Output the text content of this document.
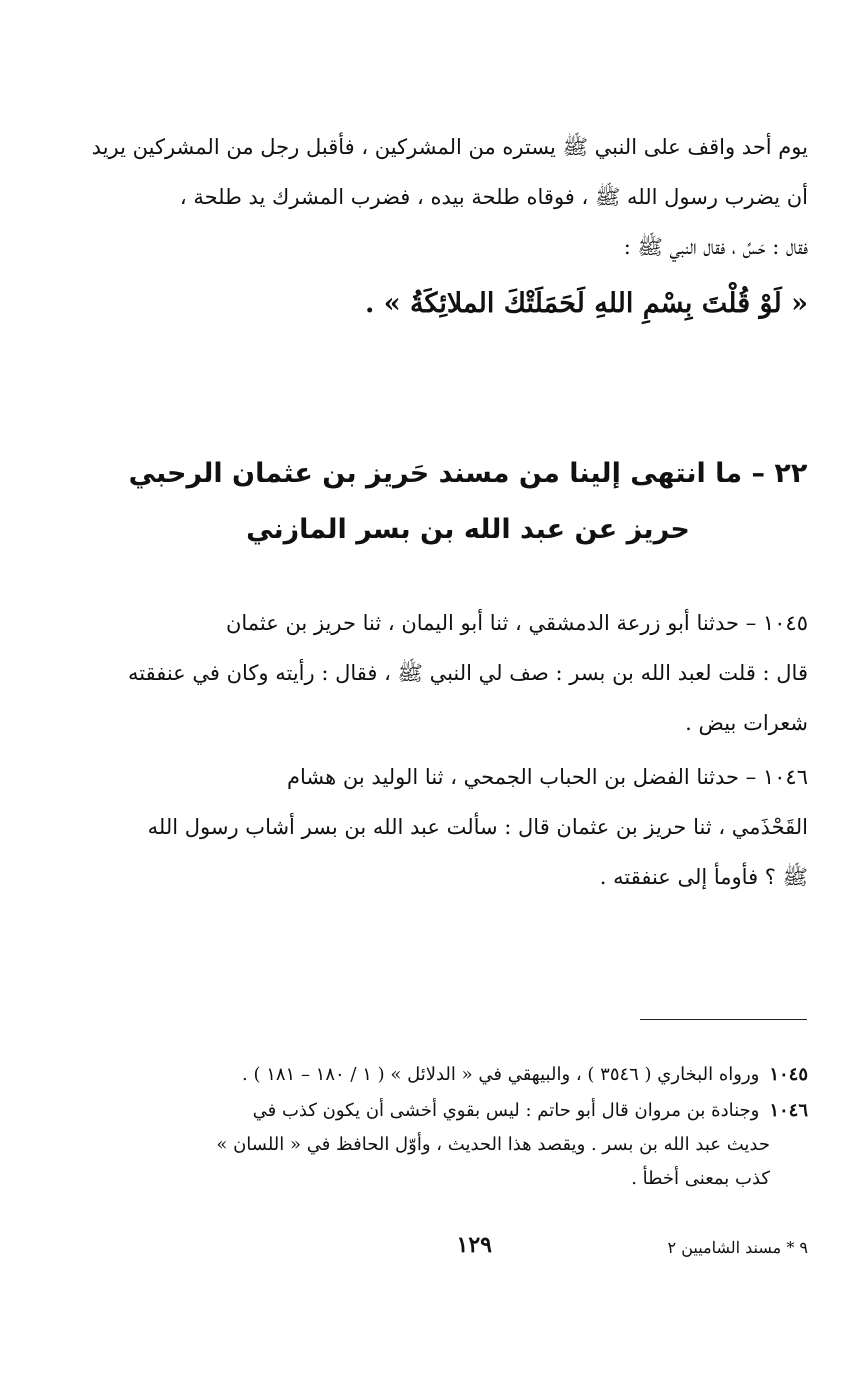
يوم أحد واقف على النبي ﷺ يستره من المشركين ، فأقبل رجل من المشركين يريد
أن يضرب رسول الله ﷺ ، فوقاه طلحة بيده ، فضرب المشرك يد طلحة ،
فقال : حَسِّ ، فقال النبي ﷺ :
« لَوْ قُلْتَ بِسْمِ اللهِ لَحَمَلَتْكَ الملائِكَةُ » .
٢٢ – ما انتهى إلينا من مسند حَريز بن عثمان الرحبي
حريز عن عبد الله بن بسر المازني
١٠٤٥ – حدثنا أبو زرعة الدمشقي ، ثنا أبو اليمان ، ثنا حريز بن عثمان
قال : قلت لعبد الله بن بسر : صف لي النبي ﷺ ، فقال : رأيته وكان في عنفقته
شعرات بيض .
١٠٤٦ – حدثنا الفضل بن الحباب الجمحي ، ثنا الوليد بن هشام
القَحْذَمي ، ثنا حريز بن عثمان قال : سألت عبد الله بن بسر أشاب رسول الله
ﷺ ؟ فأومأ إلى عنفقته .
١٠٤٥ورواه البخاري ( ٣٥٤٦ ) ، والبيهقي في « الدلائل » ( ١ / ١٨٠ – ١٨١ ) .
١٠٤٦وجنادة بن مروان قال أبو حاتم : ليس بقوي أخشى أن يكون كذب في
حديث عبد الله بن بسر . ويقصد هذا الحديث ، وأوّل الحافظ في « اللسان »
كذب بمعنى أخطأ .
٩ * مسند الشاميين ٢
١٢٩
